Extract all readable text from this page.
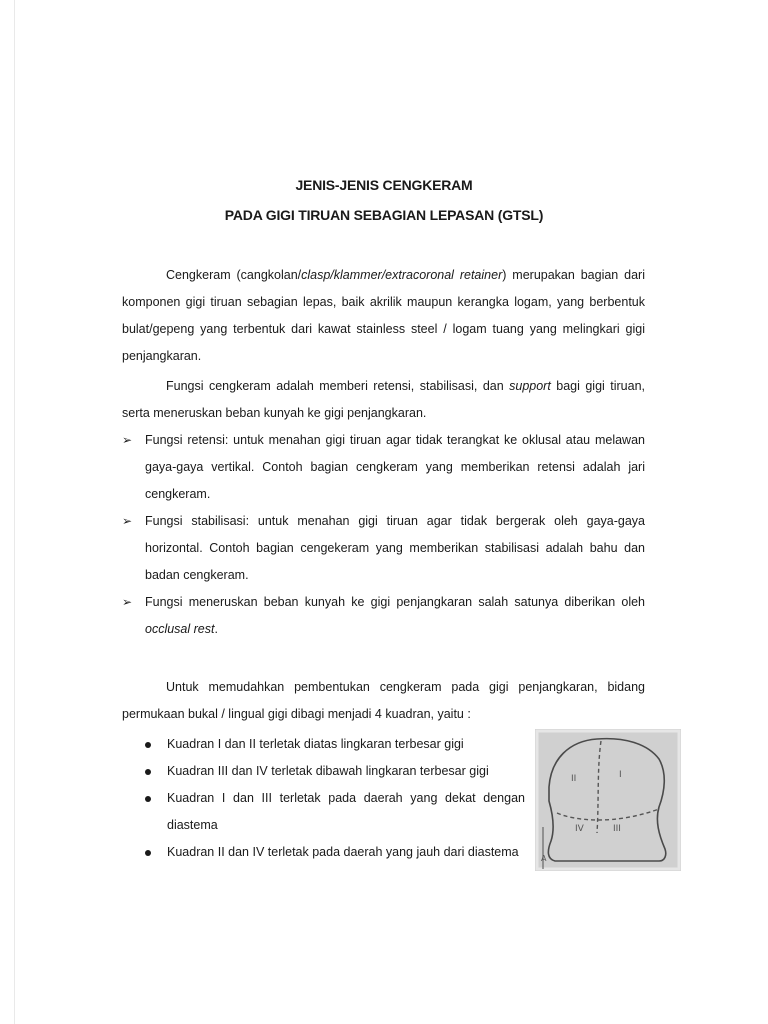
JENIS-JENIS CENGKERAM
PADA GIGI TIRUAN SEBAGIAN LEPASAN (GTSL)

Cengkeram (cangkolan/clasp/klammer/extracoronal retainer) merupakan bagian dari komponen gigi tiruan sebagian lepas, baik akrilik maupun kerangka logam, yang berbentuk bulat/gepeng yang terbentuk dari kawat stainless steel / logam tuang yang melingkari gigi penjangkaran.

Fungsi cengkeram adalah memberi retensi, stabilisasi, dan support bagi gigi tiruan, serta meneruskan beban kunyah ke gigi penjangkaran.

➢ Fungsi retensi: untuk menahan gigi tiruan agar tidak terangkat ke oklusal atau melawan gaya-gaya vertikal. Contoh bagian cengkeram yang memberikan retensi adalah jari cengkeram.
➢ Fungsi stabilisasi: untuk menahan gigi tiruan agar tidak bergerak oleh gaya-gaya horizontal. Contoh bagian cengekeram yang memberikan stabilisasi adalah bahu dan badan cengkeram.
➢ Fungsi meneruskan beban kunyah ke gigi penjangkaran salah satunya diberikan oleh occlusal rest.

Untuk memudahkan pembentukan cengkeram pada gigi penjangkaran, bidang permukaan bukal / lingual gigi dibagi menjadi 4 kuadran, yaitu :

Kuadran I dan II terletak diatas lingkaran terbesar gigi
Kuadran III dan IV terletak dibawah lingkaran terbesar gigi
Kuadran I dan III terletak pada daerah yang dekat dengan diastema
Kuadran II dan IV terletak pada daerah yang jauh dari diastema
II	I
IV	III
A
